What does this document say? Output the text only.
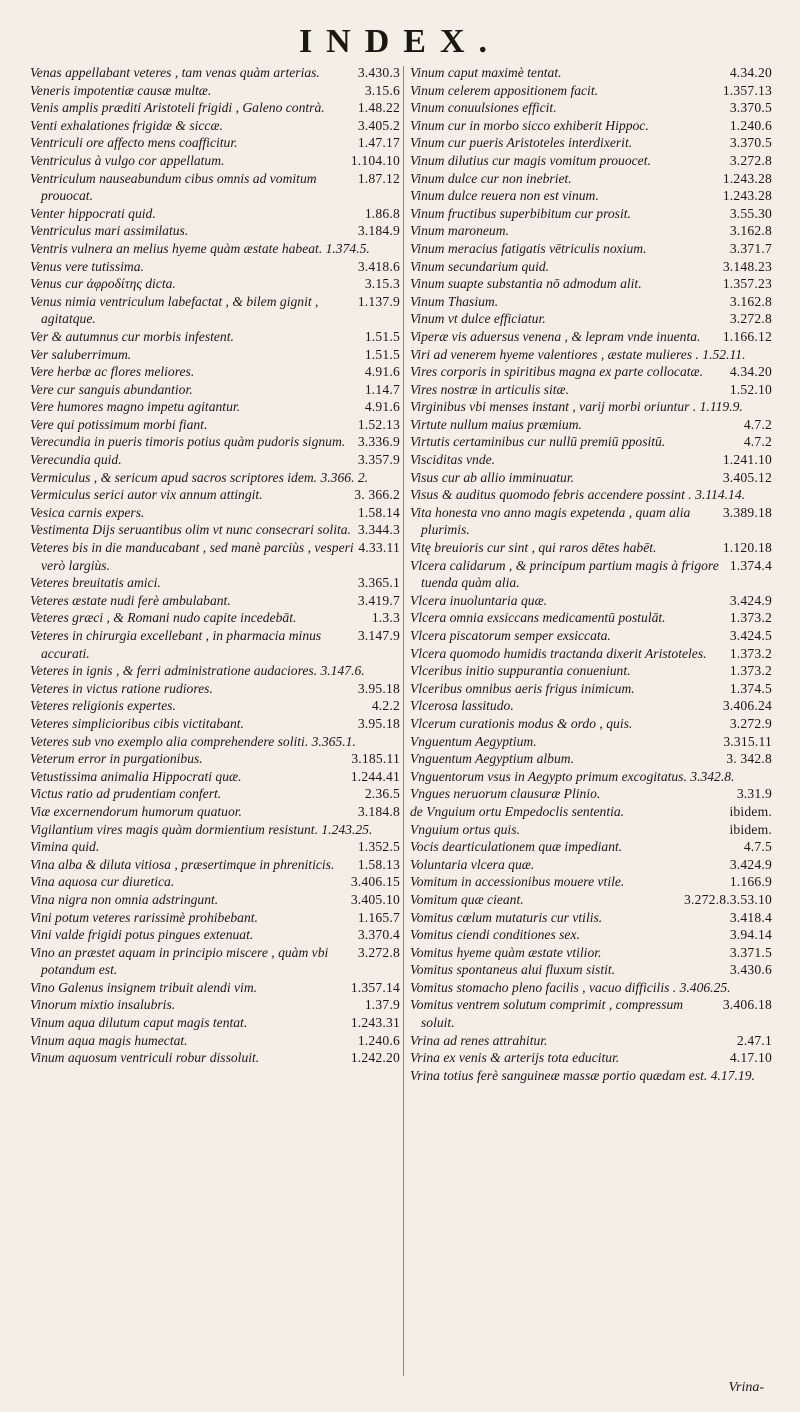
INDEX.
3.430.3
Venas appellabant veteres , tam venas quàm arterias.
3.15.6
Veneris impotentiæ causæ multæ.
1.48.22
Venis amplis præditi Aristoteli frigidi , Galeno contrà.
3.405.2
Venti exhalationes frigidæ & siccæ.
1.47.17
Ventriculi ore affecto mens coafficitur.
1.104.10
Ventriculus à vulgo cor appellatum.
1.87.12
Ventriculum nauseabundum cibus omnis ad vomitum prouocat.
1.86.8
Venter hippocrati quid.
3.184.9
Ventriculus mari assimilatus.
Ventris vulnera an melius hyeme quàm æstate habeat. 1.374.5.
3.418.6
Venus vere tutissima.
3.15.3
Venus cur ἀφροδίτης dicta.
1.137.9
Venus nimia ventriculum labefactat , & bilem gignit , agitatque.
1.51.5
Ver & autumnus cur morbis infestent.
1.51.5
Ver saluberrimum.
4.91.6
Vere herbæ ac flores meliores.
1.14.7
Vere cur sanguis abundantior.
4.91.6
Vere humores magno impetu agitantur.
1.52.13
Vere qui potissimum morbi fiant.
3.336.9
Verecundia in pueris timoris potius quàm pudoris signum.
3.357.9
Verecundia quid.
Vermiculus , & sericum apud sacros scriptores idem. 3.366. 2.
3. 366.2
Vermiculus serici autor vix annum attingit.
1.58.14
Vesica carnis expers.
3.344.3
Vestimenta Dijs seruantibus olim vt nunc consecrari solita.
4.33.11
Veteres bis in die manducabant , sed manè parciùs , vesperi verò largiùs.
3.365.1
Veteres breuitatis amici.
3.419.7
Veteres æstate nudi ferè ambulabant.
1.3.3
Veteres græci , & Romani nudo capite incedebāt.
3.147.9
Veteres in chirurgia excellebant , in pharmacia minus accurati.
Veteres in ignis , & ferri administratione audaciores. 3.147.6.
3.95.18
Veteres in victus ratione rudiores.
4.2.2
Veteres religionis expertes.
3.95.18
Veteres simplicioribus cibis victitabant.
Veteres sub vno exemplo alia comprehendere soliti. 3.365.1.
3.185.11
Veterum error in purgationibus.
1.244.41
Vetustissima animalia Hippocrati quæ.
2.36.5
Victus ratio ad prudentiam confert.
3.184.8
Viæ excernendorum humorum quatuor.
Vigilantium vires magis quàm dormientium resistunt. 1.243.25.
1.352.5
Vimina quid.
1.58.13
Vina alba & diluta vitiosa , præsertimque in phreniticis.
3.406.15
Vina aquosa cur diuretica.
3.405.10
Vina nigra non omnia adstringunt.
1.165.7
Vini potum veteres rarissimè prohibebant.
3.370.4
Vini valde frigidi potus pingues extenuat.
3.272.8
Vino an præstet aquam in principio miscere , quàm vbi potandum est.
1.357.14
Vino Galenus insignem tribuit alendi vim.
1.37.9
Vinorum mixtio insalubris.
1.243.31
Vinum aqua dilutum caput magis tentat.
1.240.6
Vinum aqua magis humectat.
1.242.20
Vinum aquosum ventriculi robur dissoluit.
4.34.20
Vinum caput maximè tentat.
1.357.13
Vinum celerem appositionem facit.
3.370.5
Vinum conuulsiones efficit.
1.240.6
Vinum cur in morbo sicco exhiberit Hippoc.
3.370.5
Vinum cur pueris Aristoteles interdixerit.
3.272.8
Vinum dilutius cur magis vomitum prouocet.
1.243.28
Vinum dulce cur non inebriet.
1.243.28
Vinum dulce reuera non est vinum.
3.55.30
Vinum fructibus superbibitum cur prosit.
3.162.8
Vinum maroneum.
3.371.7
Vinum meracius fatigatis vētriculis noxium.
3.148.23
Vinum secundarium quid.
1.357.23
Vinum suapte substantia nō admodum alit.
3.162.8
Vinum Thasium.
3.272.8
Vinum vt dulce efficiatur.
1.166.12
Viperæ vis aduersus venena , & lepram vnde inuenta.
Viri ad venerem hyeme valentiores , æstate mulieres . 1.52.11.
4.34.20
Vires corporis in spiritibus magna ex parte collocatæ.
1.52.10
Vires nostræ in articulis sitæ.
Virginibus vbi menses instant , varij morbi oriuntur . 1.119.9.
4.7.2
Virtute nullum maius præmium.
4.7.2
Virtutis certaminibus cur nullū premiū ppositū.
1.241.10
Visciditas vnde.
3.405.12
Visus cur ab allio imminuatur.
Visus & auditus quomodo febris accendere possint . 3.114.14.
3.389.18
Vita honesta vno anno magis expetenda , quam alia plurimis.
1.120.18
Vitę breuioris cur sint , qui raros dētes habēt.
1.374.4
Vlcera calidarum , & principum partium magis à frigore tuenda quàm alia.
3.424.9
Vlcera inuoluntaria quæ.
1.373.2
Vlcera omnia exsiccans medicamentū postulāt.
3.424.5
Vlcera piscatorum semper exsiccata.
1.373.2
Vlcera quomodo humidis tractanda dixerit Aristoteles.
1.373.2
Vlceribus initio suppurantia conueniunt.
1.374.5
Vlceribus omnibus aeris frigus inimicum.
3.406.24
Vlcerosa lassitudo.
3.272.9
Vlcerum curationis modus & ordo , quis.
3.315.11
Vnguentum Aegyptium.
3. 342.8
Vnguentum Aegyptium album.
Vnguentorum vsus in Aegypto primum excogitatus. 3.342.8.
3.31.9
Vngues neruorum clausuræ Plinio.
ibidem.
de Vnguium ortu Empedoclis sententia.
ibidem.
Vnguium ortus quis.
4.7.5
Vocis dearticulationem quæ impediant.
3.424.9
Voluntaria vlcera quæ.
1.166.9
Vomitum in accessionibus mouere vtile.
3.272.8.3.53.10
Vomitum quæ cieant.
3.418.4
Vomitus cœlum mutaturis cur vtilis.
3.94.14
Vomitus ciendi conditiones sex.
3.371.5
Vomitus hyeme quàm æstate vtilior.
3.430.6
Vomitus spontaneus alui fluxum sistit.
Vomitus stomacho pleno facilis , vacuo difficilis . 3.406.25.
3.406.18
Vomitus ventrem solutum comprimit , compressum soluit.
2.47.1
Vrina ad renes attrahitur.
4.17.10
Vrina ex venis & arterijs tota educitur.
Vrina totius ferè sanguineæ massæ portio quædam est. 4.17.19.
Vrina-
